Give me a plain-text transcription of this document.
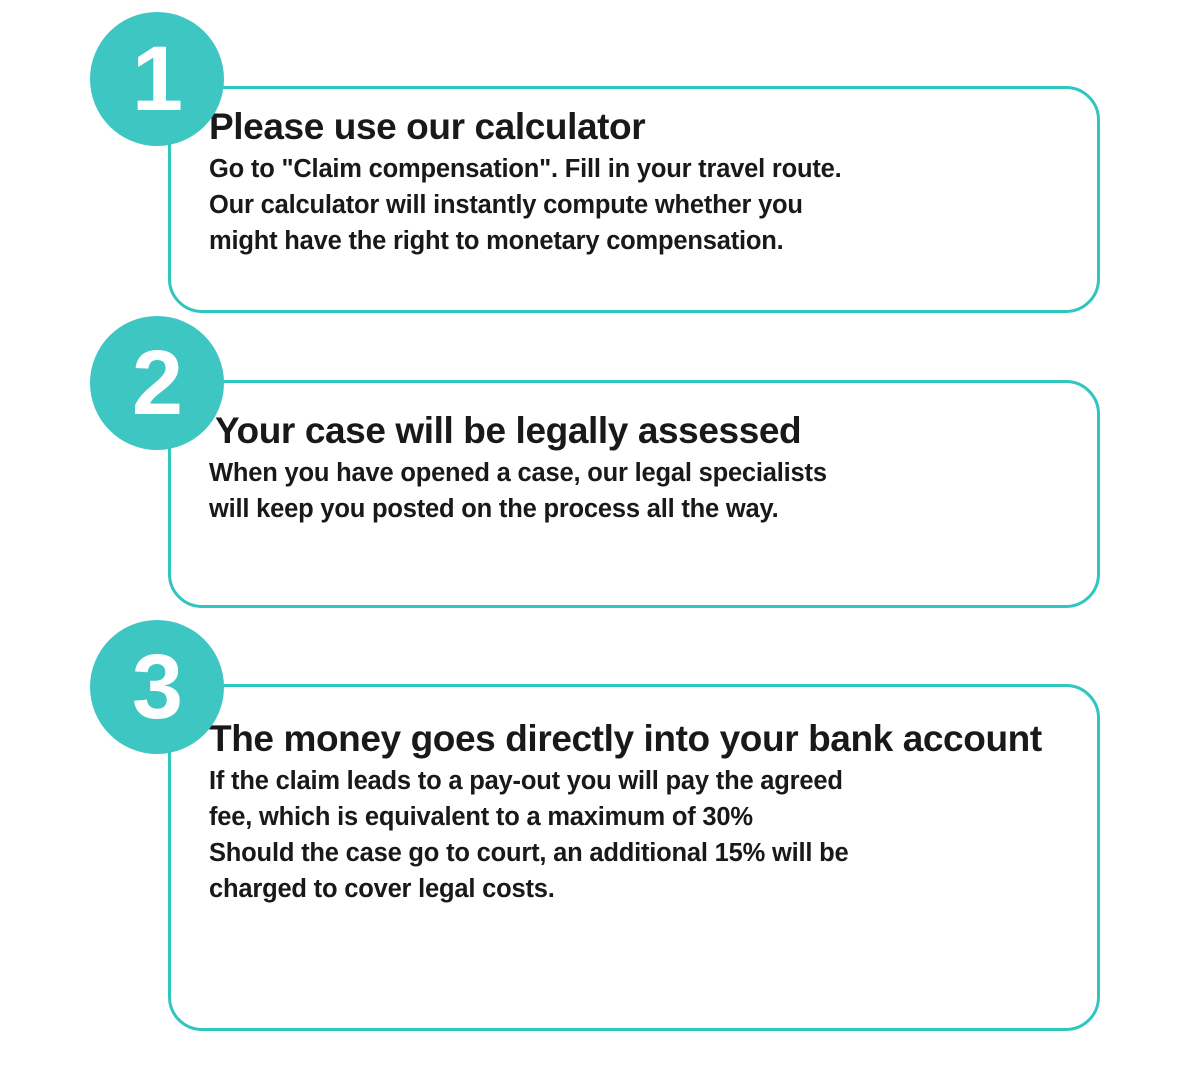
1 Please use our calculator
Go to "Claim compensation". Fill in your travel route.
Our calculator will instantly compute whether you
might have the right to monetary compensation.
2 Your case will be legally assessed
When you have opened a case, our legal specialists
will keep you posted on the process all the way.
3
The money goes directly into your bank account
If the claim leads to a pay-out you will pay the agreed
fee, which is equivalent to a maximum of 30%
Should the case go to court, an additional 15% will be
charged to cover legal costs.
